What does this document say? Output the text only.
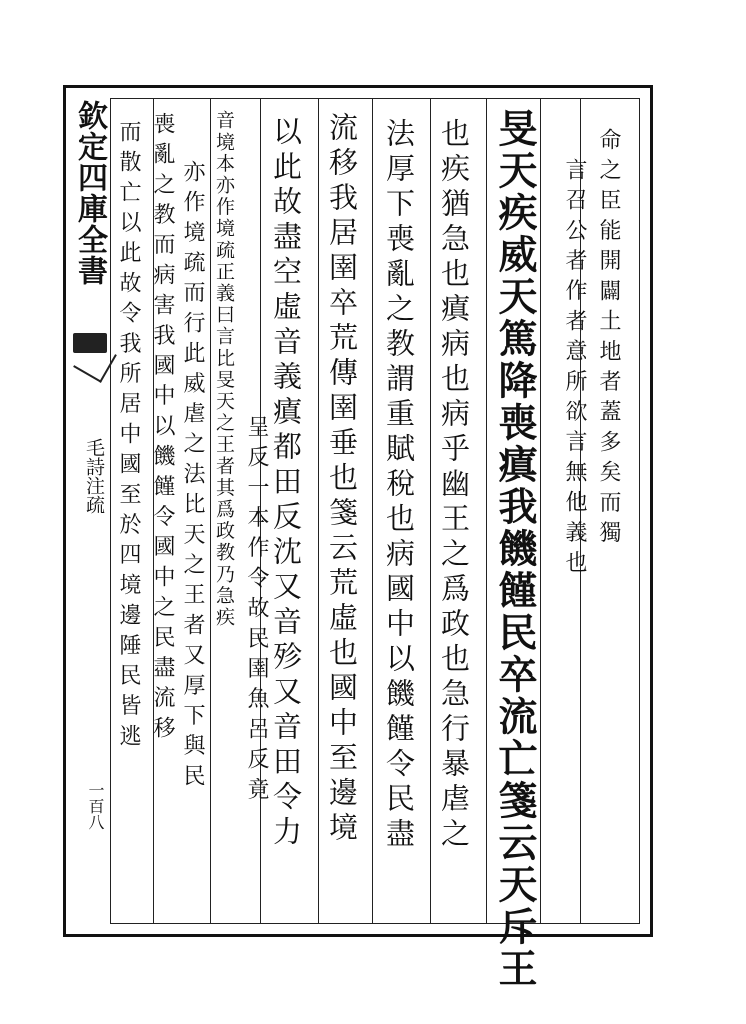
欽定四庫全書
毛詩注疏
一百八
命之臣能開闢土地者蓋多矣而獨
言召公者作者意所欲言無他義也
旻天疾威天篤降喪瘨我饑饉民卒流亡箋云天斥王
也疾猶急也瘨病也病乎幽王之爲政也急行暴虐之
法厚下喪亂之教謂重賦稅也病國中以饑饉令民盡
流移我居圉卒荒傳圉垂也箋云荒虛也國中至邊境
以此故盡空虛音義瘨都田反沈又音殄又音田令力
呈反一本作令故民圉魚呂反竟
音境本亦作境疏正義曰言比旻天之王者其爲政教乃急疾
亦作境疏而行此威虐之法比天之王者又厚下與民
喪亂之教而病害我國中以饑饉令國中之民盡流移
而散亡以此故令我所居中國至於四境邊陲民皆逃
